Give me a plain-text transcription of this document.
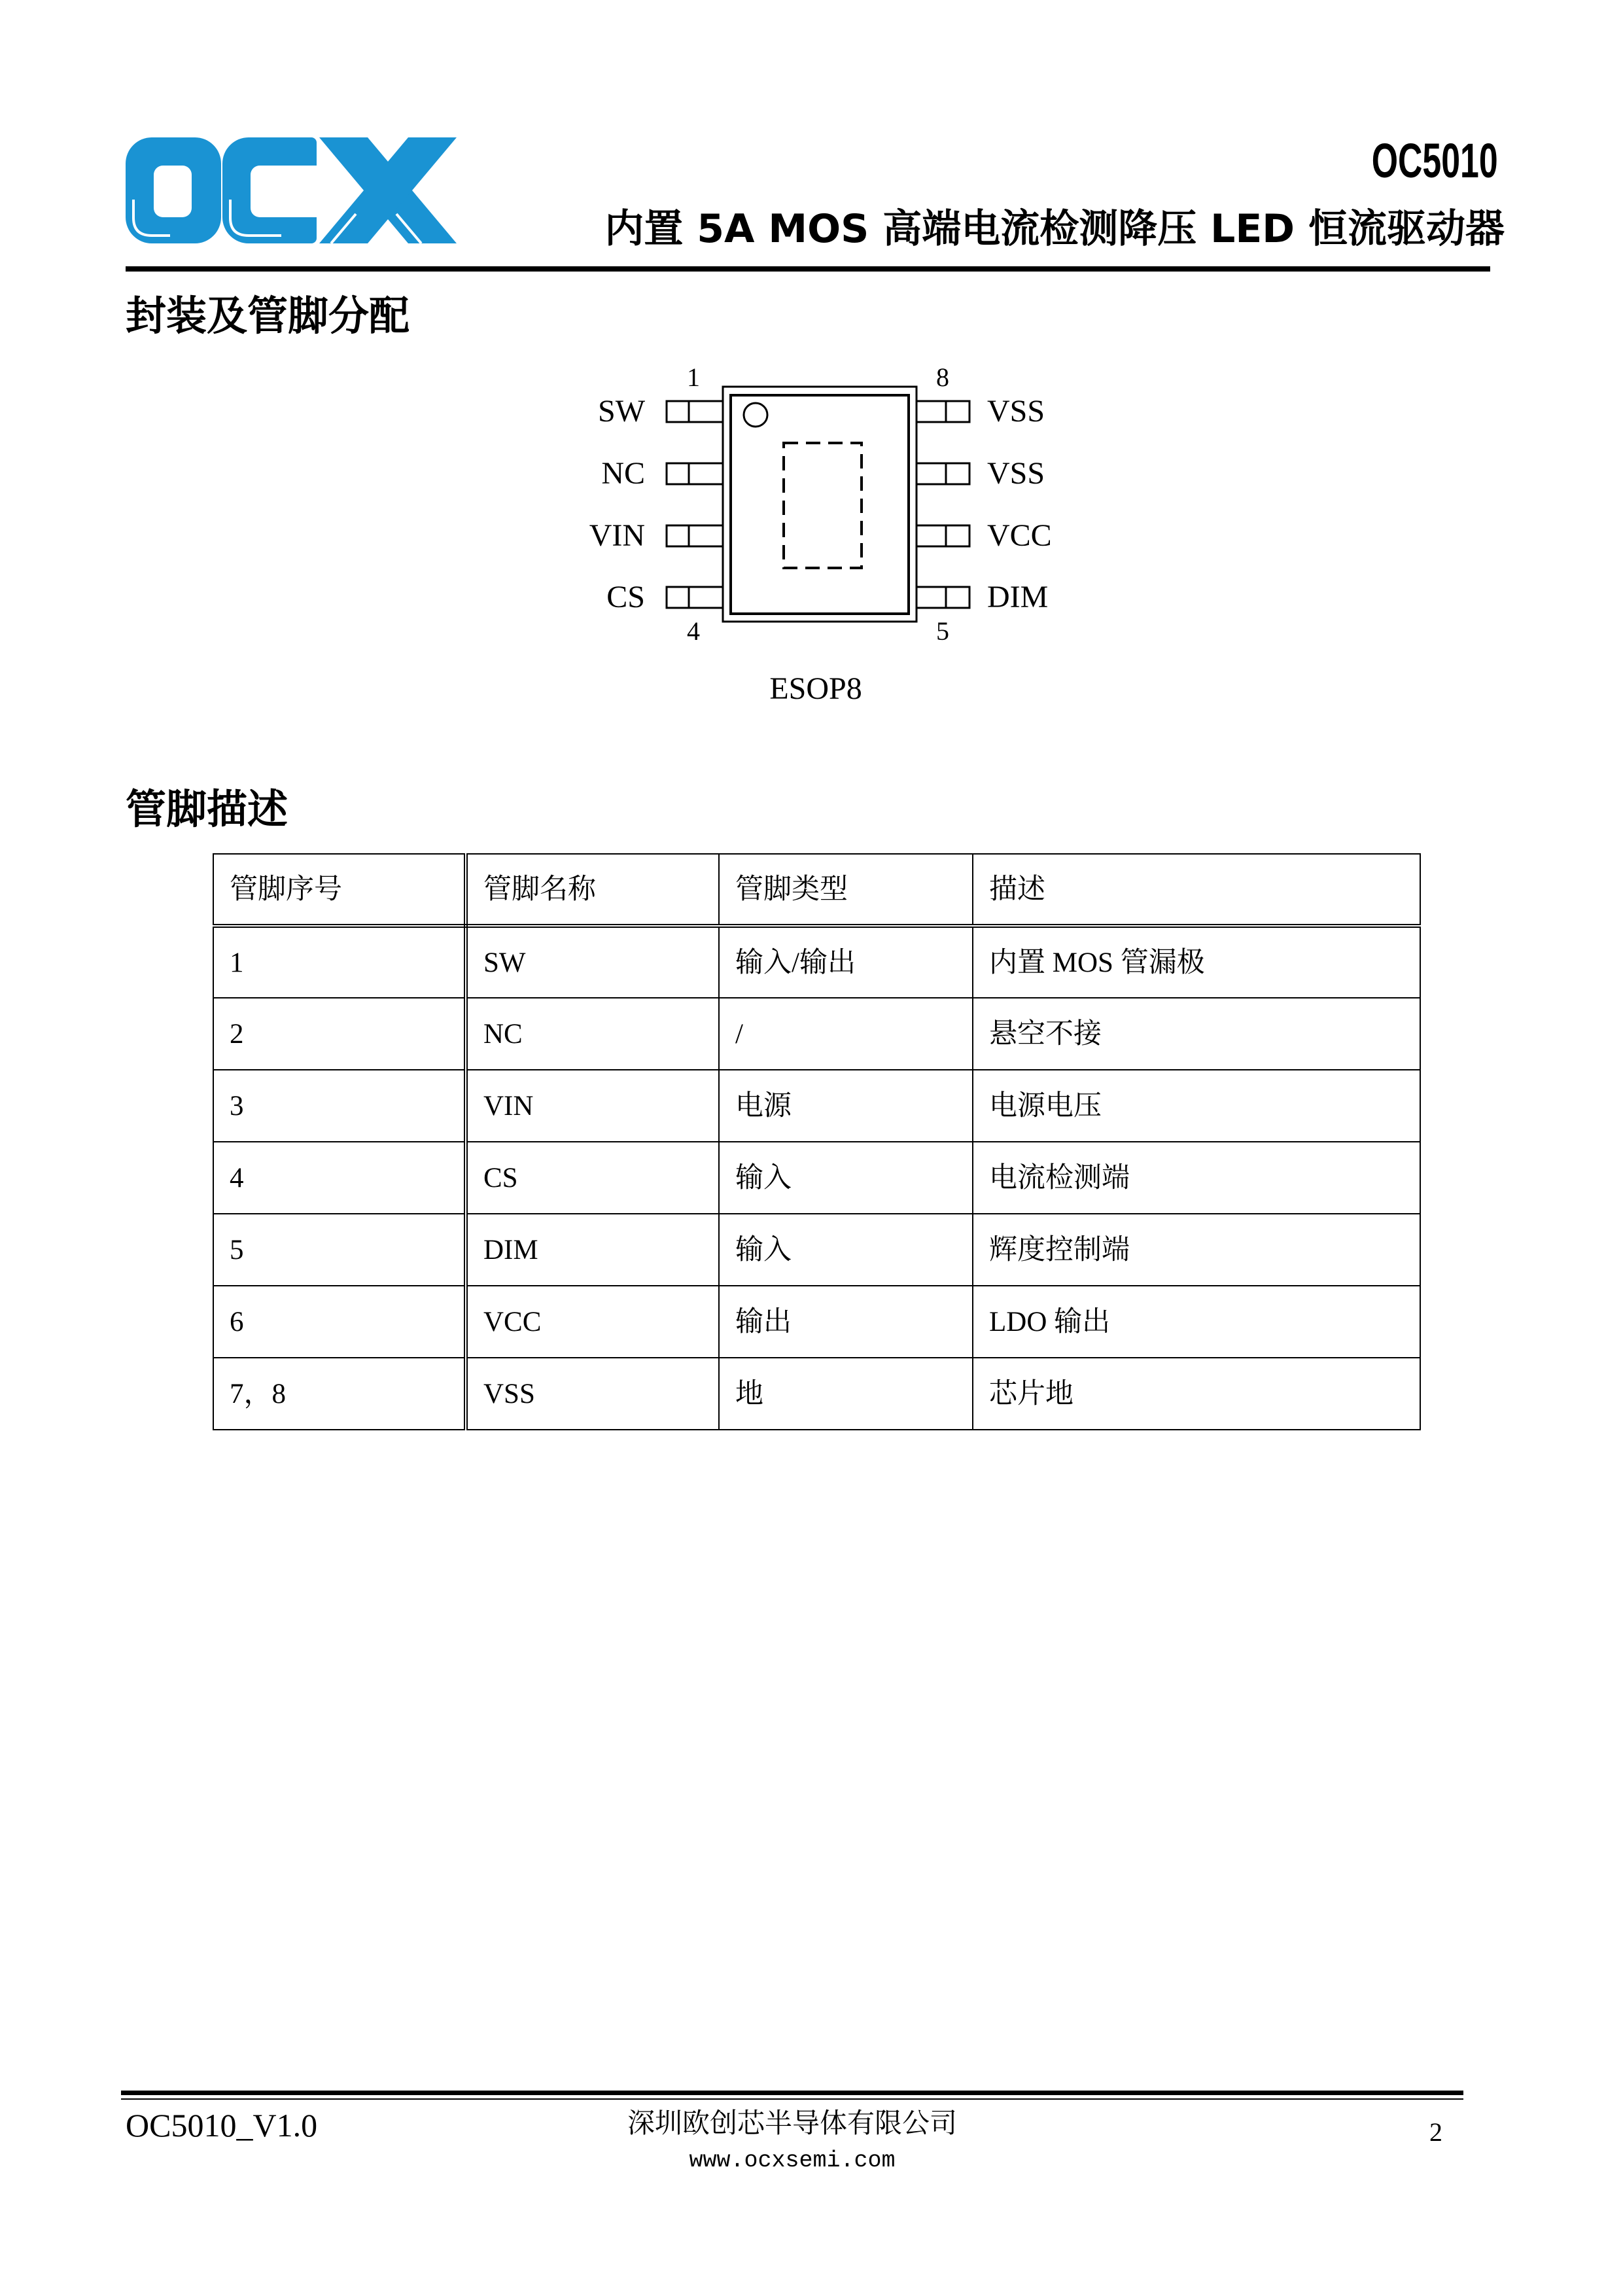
OC5010
内置 5A MOS 高端电流检测降压 LED 恒流驱动器
封装及管脚分配
SW
NC
VIN
CS
VSS
VSS
VCC
DIM
1	8
4	5
ESOP8
管脚描述
管脚序号	管脚名称	管脚类型	描述
1	SW	输入/输出	内置 MOS 管漏极
2	NC	/	悬空不接
3	VIN	电源	电源电压
4	CS	输入	电流检测端
5	DIM	输入	辉度控制端
6	VCC	输出	LDO 输出
7，8	VSS	地	芯片地
OC5010_V1.0	深圳欧创芯半导体有限公司
www.ocxsemi.com
2
